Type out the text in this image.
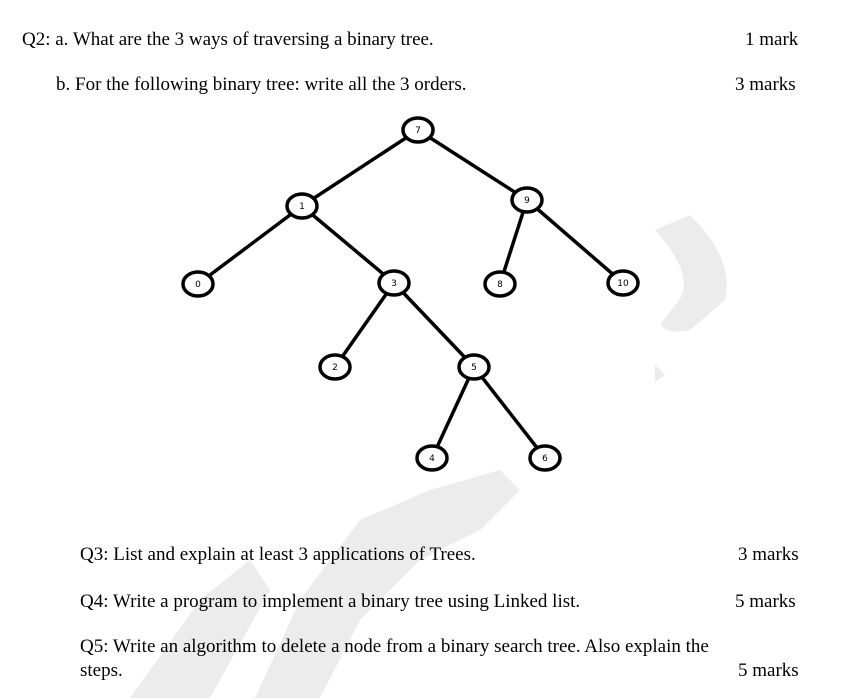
7
1
9
0	3	8	10
2	5
4	6
Q2: a. What are the 3 ways of traversing a binary tree.	1 mark
b. For the following binary tree: write all the 3 orders.	3 marks
Q3: List and explain at least 3 applications of Trees.	3 marks
Q4: Write a program to implement a binary tree using Linked list.	5 marks
Q5: Write an algorithm to delete a node from a binary search tree. Also explain the
steps.	5 marks
